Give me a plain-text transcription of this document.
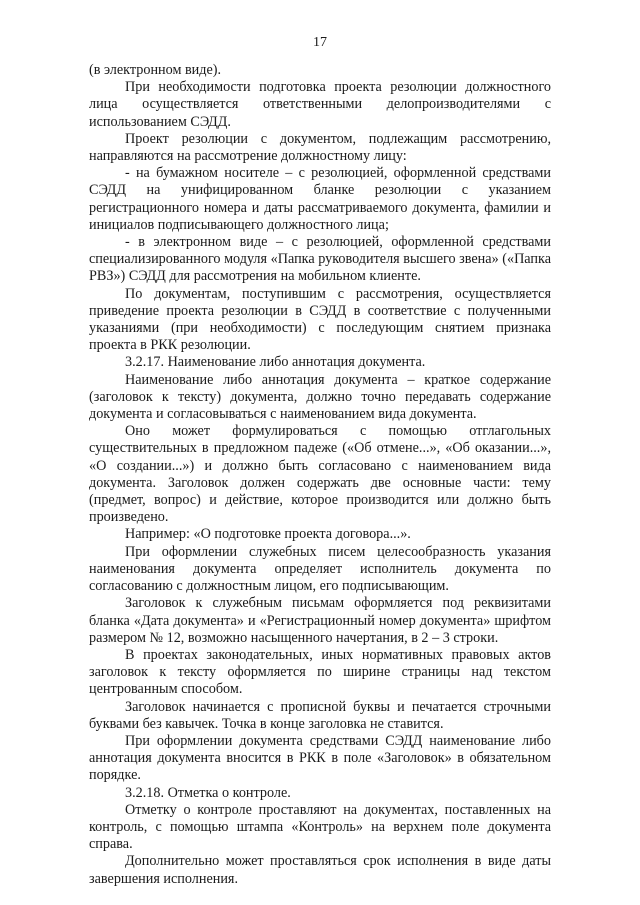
17

(в электронном виде).

При необходимости подготовка проекта резолюции должностного лица осуществляется ответственными делопроизводителями с использованием СЭДД.

Проект резолюции с документом, подлежащим рассмотрению, направляются на рассмотрение должностному лицу:

- на бумажном носителе – с резолюцией, оформленной средствами СЭДД на унифицированном бланке резолюции с указанием регистрационного номера и даты рассматриваемого документа, фамилии и инициалов подписывающего должностного лица;

- в электронном виде – с резолюцией, оформленной средствами специализированного модуля «Папка руководителя высшего звена» («Папка РВЗ») СЭДД для рассмотрения на мобильном клиенте.

По документам, поступившим с рассмотрения, осуществляется приведение проекта резолюции в СЭДД в соответствие с полученными указаниями (при необходимости) с последующим снятием признака проекта в РКК резолюции.

3.2.17. Наименование либо аннотация документа.

Наименование либо аннотация документа – краткое содержание (заголовок к тексту) документа, должно точно передавать содержание документа и согласовываться с наименованием вида документа.

Оно может формулироваться с помощью отглагольных существительных в предложном падеже («Об отмене...», «Об оказании...», «О создании...») и должно быть согласовано с наименованием вида документа. Заголовок должен содержать две основные части: тему (предмет, вопрос) и действие, которое производится или должно быть произведено.

Например: «О подготовке проекта договора...».

При оформлении служебных писем целесообразность указания наименования документа определяет исполнитель документа по согласованию с должностным лицом, его подписывающим.

Заголовок к служебным письмам оформляется под реквизитами бланка «Дата документа» и «Регистрационный номер документа» шрифтом размером № 12, возможно насыщенного начертания, в 2 – 3 строки.

В проектах законодательных, иных нормативных правовых актов заголовок к тексту оформляется по ширине страницы над текстом центрованным способом.

Заголовок начинается с прописной буквы и печатается строчными буквами без кавычек. Точка в конце заголовка не ставится.

При оформлении документа средствами СЭДД наименование либо аннотация документа вносится в РКК в поле «Заголовок» в обязательном порядке.

3.2.18. Отметка о контроле.

Отметку о контроле проставляют на документах, поставленных на контроль, с помощью штампа «Контроль» на верхнем поле документа справа.

Дополнительно может проставляться срок исполнения в виде даты завершения исполнения.
